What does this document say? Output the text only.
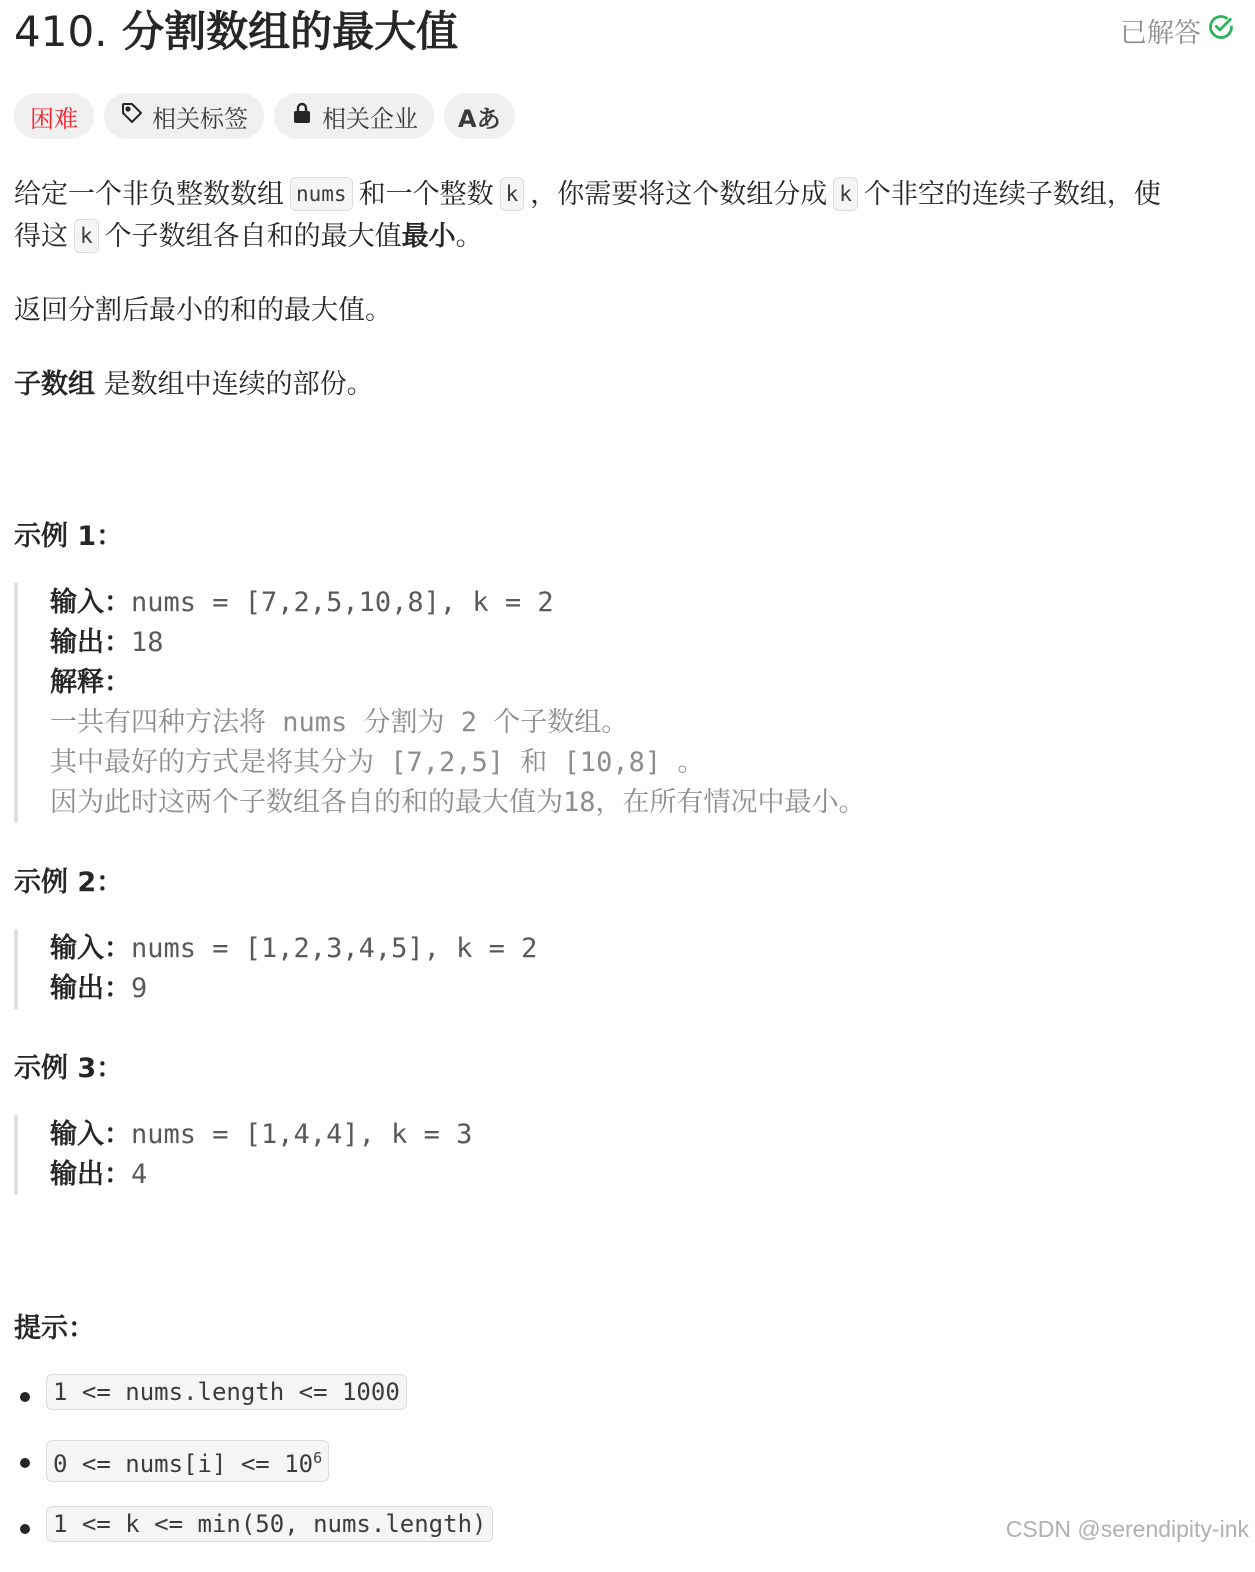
410. 分割数组的最大值	已解答
困难	相关标签	相关企业 Aあ

给定一个非负整数数组 nums 和一个整数 k ，你需要将这个数组分成 k 个非空的连续子数组，使
得这 k 个子数组各自和的最大值最小。

返回分割后最小的和的最大值。

子数组 是数组中连续的部份。

示例 1：

输入：nums = [7,2,5,10,8], k = 2
输出：18
解释：
一共有四种方法将 nums 分割为 2 个子数组。
其中最好的方式是将其分为 [7,2,5] 和 [10,8] 。
因为此时这两个子数组各自的和的最大值为18，在所有情况中最小。

示例 2：

输入：nums = [1,2,3,4,5], k = 2
输出：9

示例 3：

输入：nums = [1,4,4], k = 3
输出：4

提示：

1 <= nums.length <= 1000
0 <= nums[i] <= $10^6$
1 <= k <= min(50, nums.length)	CSDN @serendipity-ink
